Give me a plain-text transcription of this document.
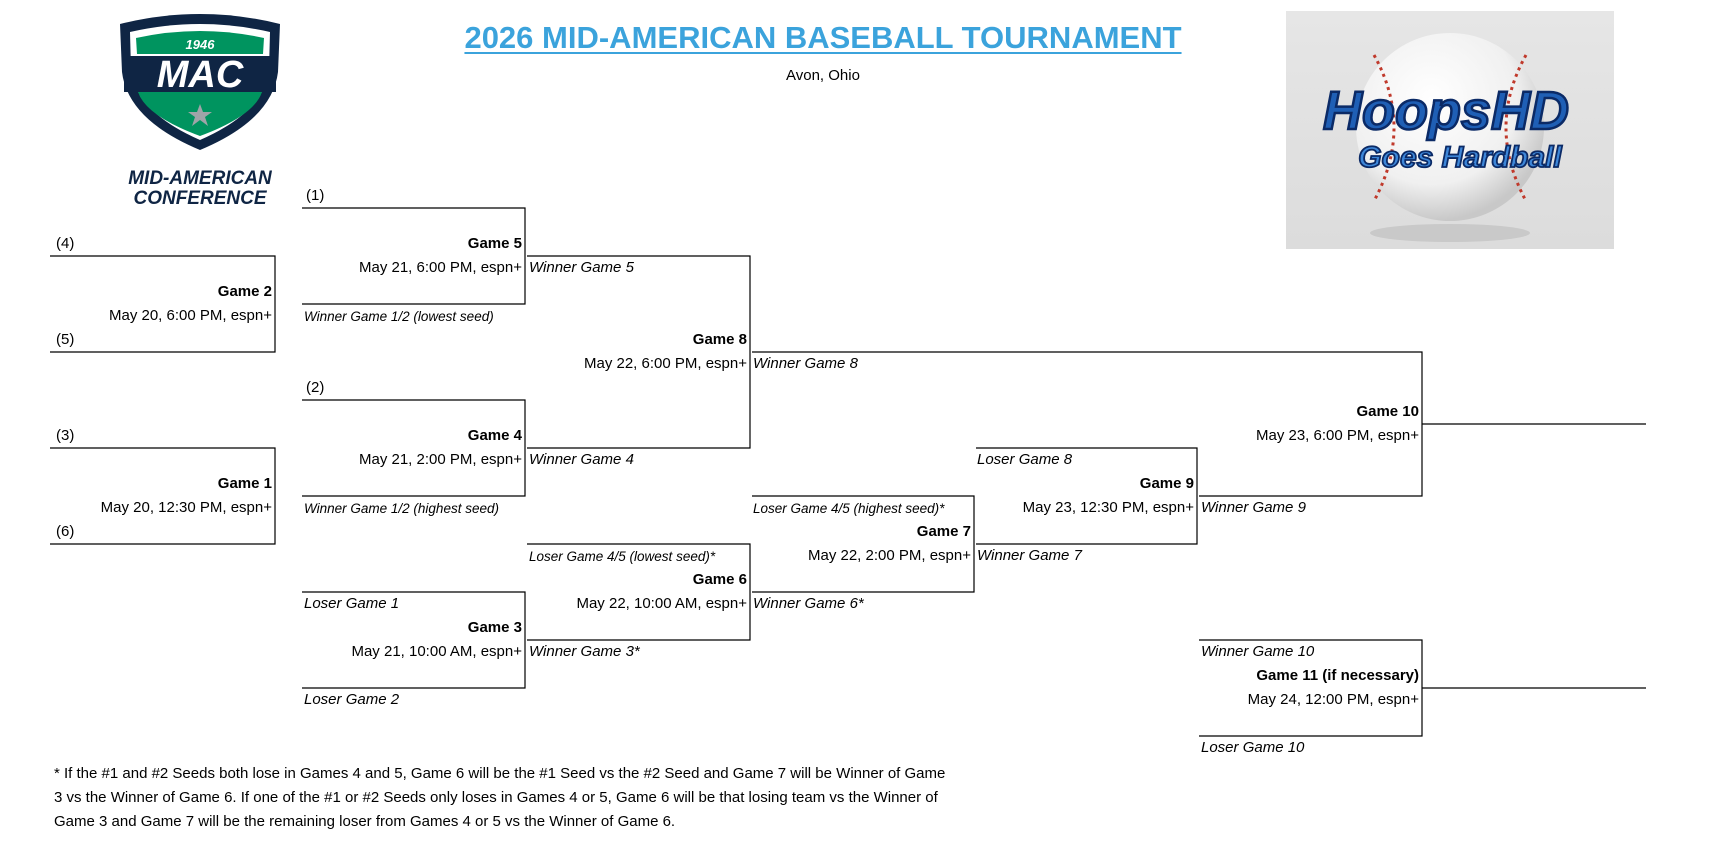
2026 MID-AMERICAN BASEBALL TOURNAMENT
Avon, Ohio
1946
MAC
MID-AMERICAN
CONFERENCE
HoopsHD
Goes Hardball
(4)
(5)
(3)
(6)
(1)
(2)
Game 2
May 20, 6:00 PM, espn+
Game 1
May 20, 12:30 PM, espn+
Game 5
May 21, 6:00 PM, espn+
Winner Game 1/2 (lowest seed)
Game 4
May 21, 2:00 PM, espn+
Winner Game 1/2 (highest seed)
Loser Game 1
Game 3
May 21, 10:00 AM, espn+
Loser Game 2
Winner Game 5
Game 8
May 22, 6:00 PM, espn+
Winner Game 4
Loser Game 4/5 (lowest seed)*
Game 6
May 22, 10:00 AM, espn+
Winner Game 3*
Loser Game 4/5 (highest seed)*
Game 7
May 22, 2:00 PM, espn+
Winner Game 6*
Winner Game 8
Loser Game 8
Game 9
May 23, 12:30 PM, espn+
Winner Game 7
Game 10
May 23, 6:00 PM, espn+
Winner Game 9
Winner Game 10
Game 11 (if necessary)
May 24, 12:00 PM, espn+
Loser Game 10
* If the #1 and #2 Seeds both lose in Games 4 and 5, Game 6 will be the #1 Seed vs the #2 Seed and Game 7 will be Winner of Game 3 vs the Winner of Game 6. If one of the #1 or #2 Seeds only loses in Games 4 or 5, Game 6 will be that losing team vs the Winner of Game 3 and Game 7 will be the remaining loser from Games 4 or 5 vs the Winner of Game 6.
